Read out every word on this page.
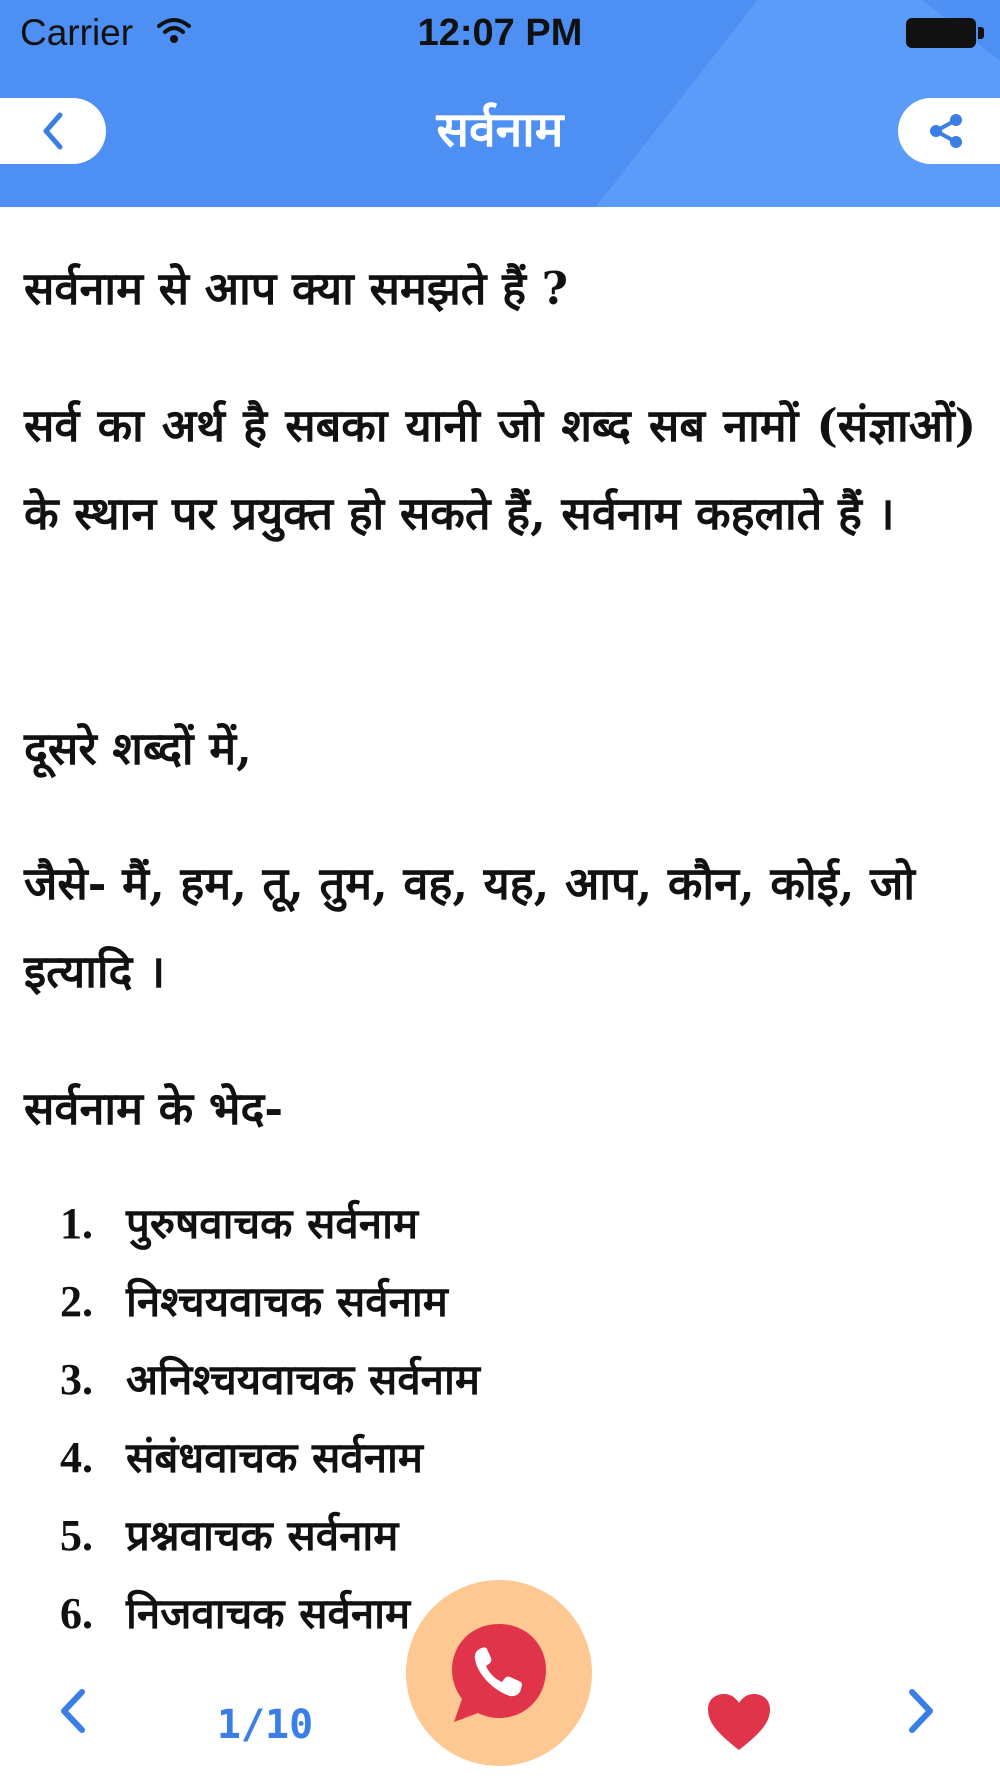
Carrier	12:07 PM
सर्वनाम

सर्वनाम से आप क्या समझते हैं ?

सर्व का अर्थ है सबका यानी जो शब्द सब नामों (संज्ञाओं) के स्थान पर प्रयुक्त हो सकते हैं, सर्वनाम कहलाते हैं ।

दूसरे शब्दों में,

जैसे- मैं, हम, तू, तुम, वह, यह, आप, कौन, कोई, जो इत्यादि ।

सर्वनाम के भेद-

1. पुरुषवाचक सर्वनाम
2. निश्चयवाचक सर्वनाम
3. अनिश्चयवाचक सर्वनाम
4. संबंधवाचक सर्वनाम
5. प्रश्नवाचक सर्वनाम
6. निजवाचक सर्वनाम
1/10
